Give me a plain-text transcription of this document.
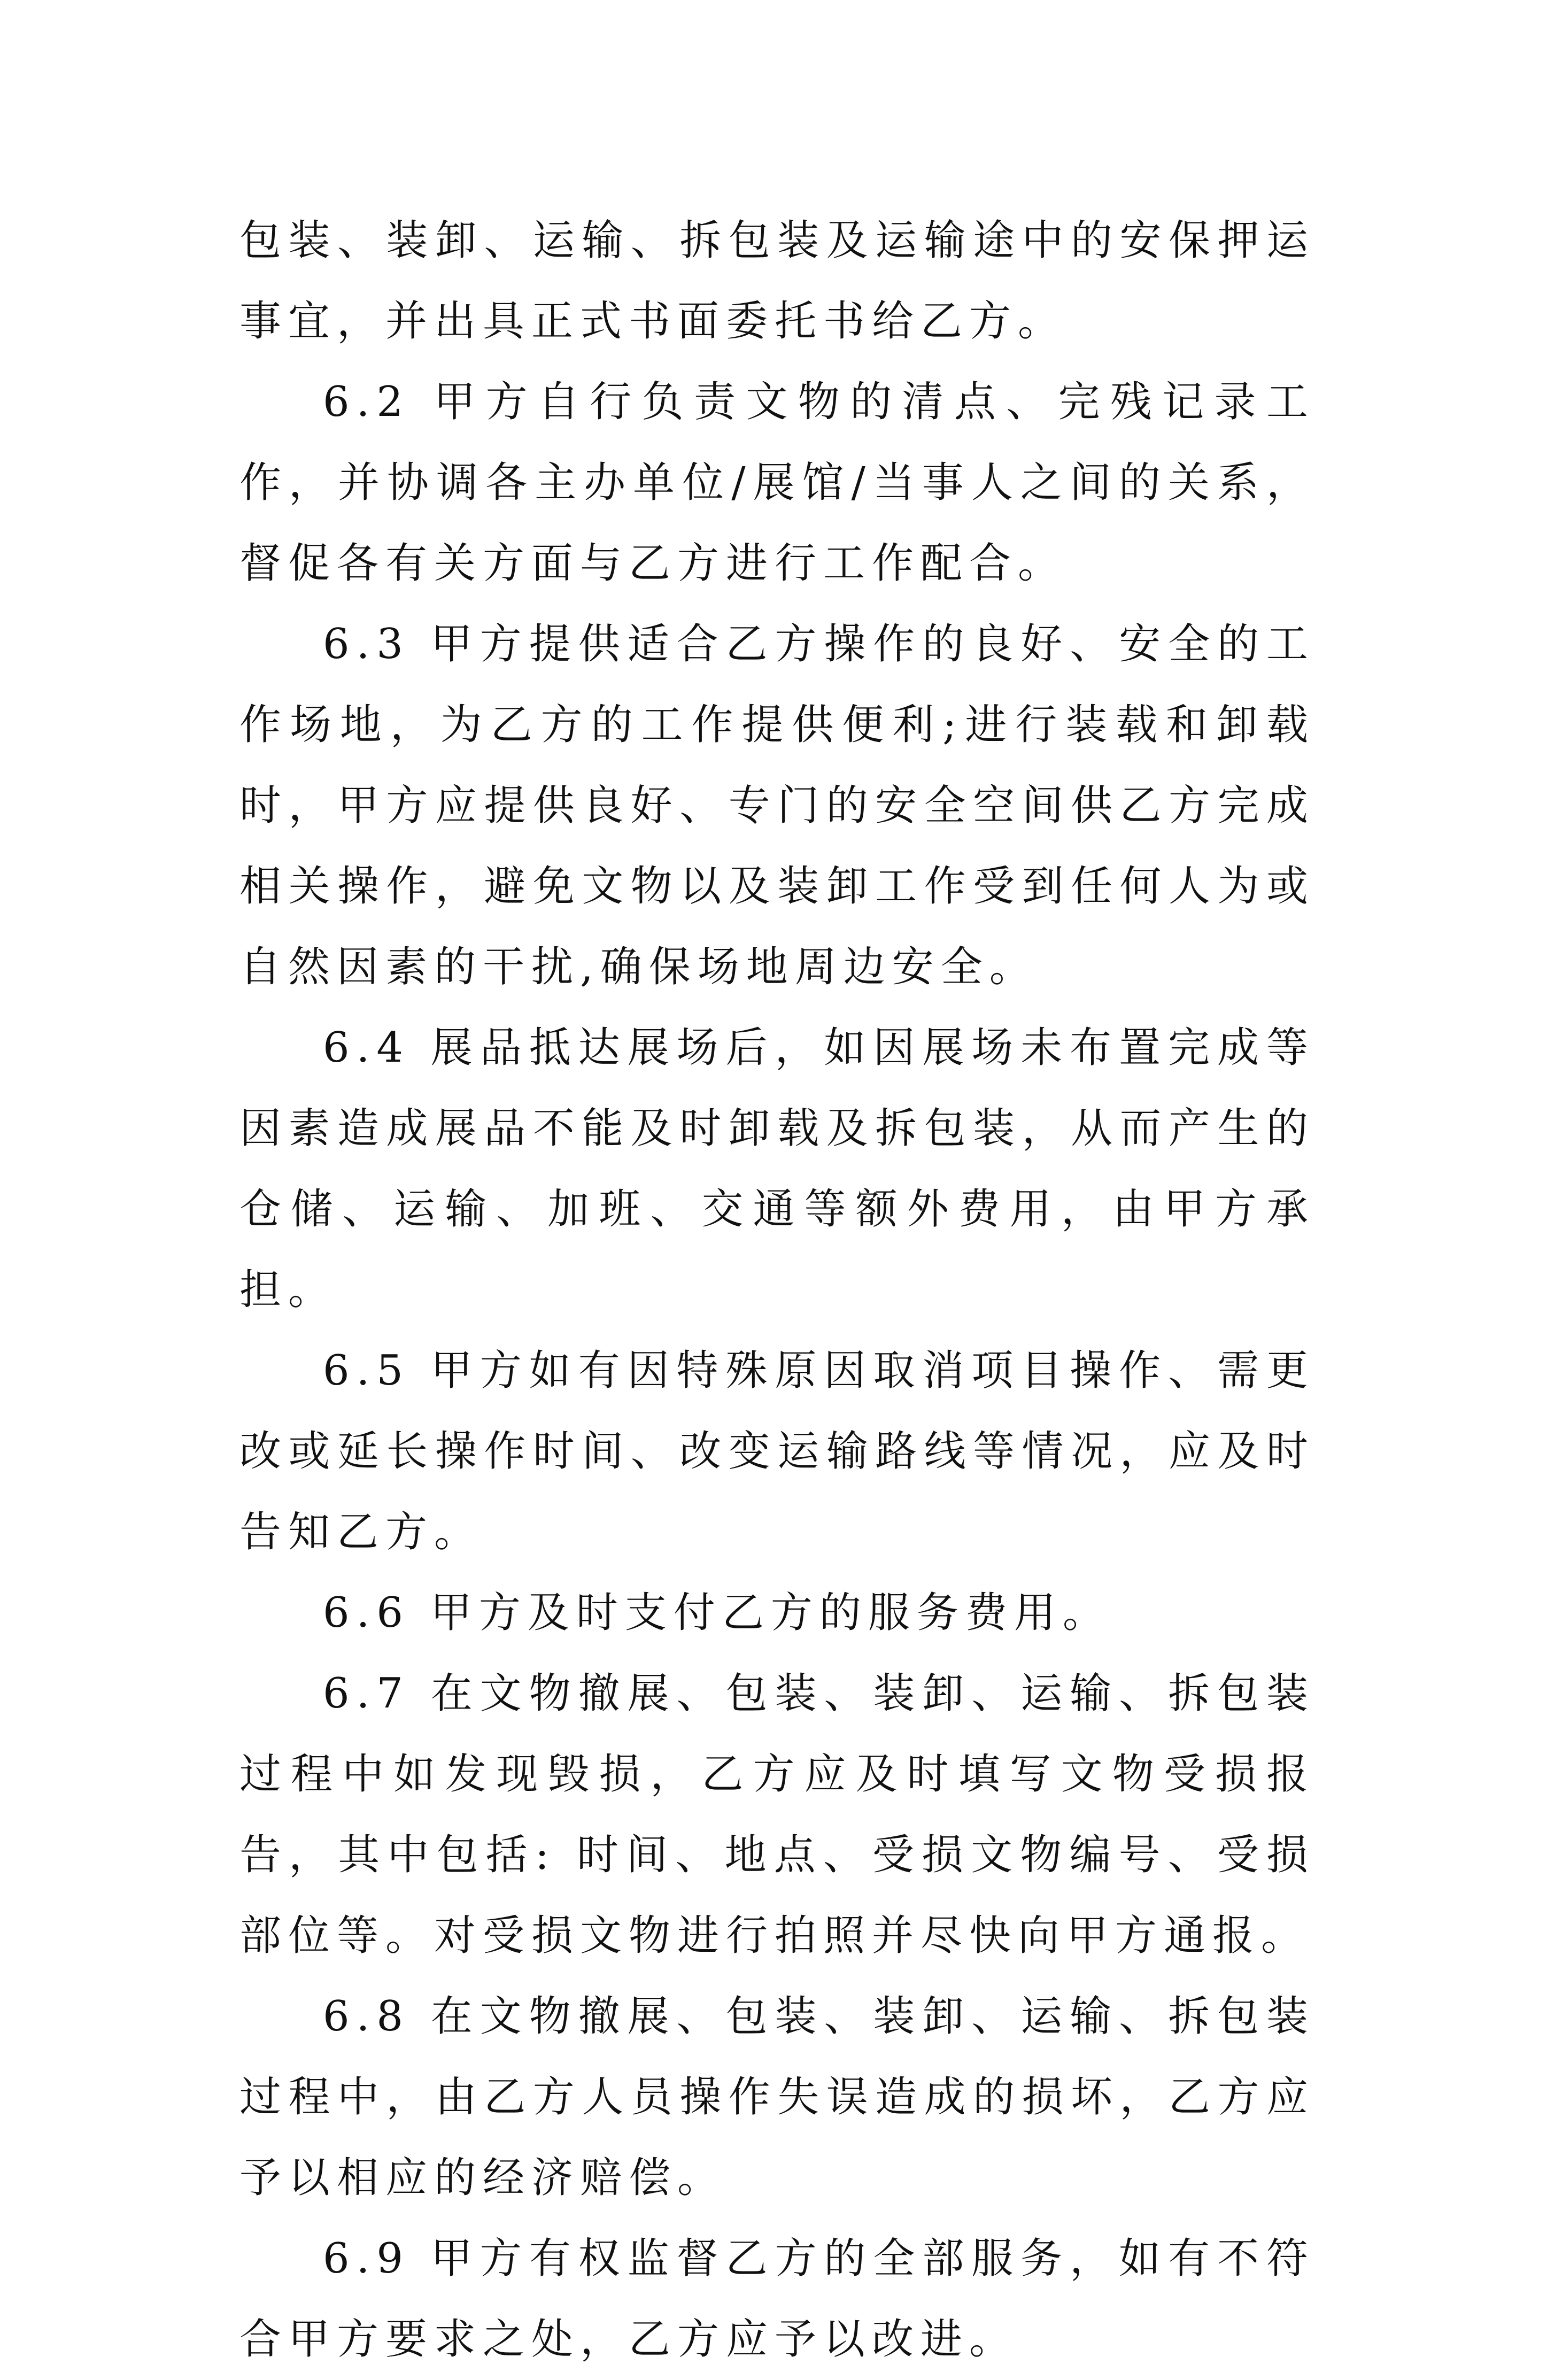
包装、装卸、运输、拆包装及运输途中的安保押运事宜，并出具正式书面委托书给乙方。

6.2 甲方自行负责文物的清点、完残记录工作，并协调各主办单位/展馆/当事人之间的关系，督促各有关方面与乙方进行工作配合。

6.3 甲方提供适合乙方操作的良好、安全的工作场地，为乙方的工作提供便利;进行装载和卸载时，甲方应提供良好、专门的安全空间供乙方完成相关操作，避免文物以及装卸工作受到任何人为或自然因素的干扰,确保场地周边安全。

6.4 展品抵达展场后，如因展场未布置完成等因素造成展品不能及时卸载及拆包装，从而产生的仓储、运输、加班、交通等额外费用，由甲方承担。

6.5 甲方如有因特殊原因取消项目操作、需更改或延长操作时间、改变运输路线等情况，应及时告知乙方。

6.6 甲方及时支付乙方的服务费用。

6.7 在文物撤展、包装、装卸、运输、拆包装过程中如发现毁损，乙方应及时填写文物受损报告，其中包括: 时间、地点、受损文物编号、受损部位等。对受损文物进行拍照并尽快向甲方通报。

6.8 在文物撤展、包装、装卸、运输、拆包装过程中，由乙方人员操作失误造成的损坏，乙方应予以相应的经济赔偿。

6.9 甲方有权监督乙方的全部服务，如有不符合甲方要求之处，乙方应予以改进。
